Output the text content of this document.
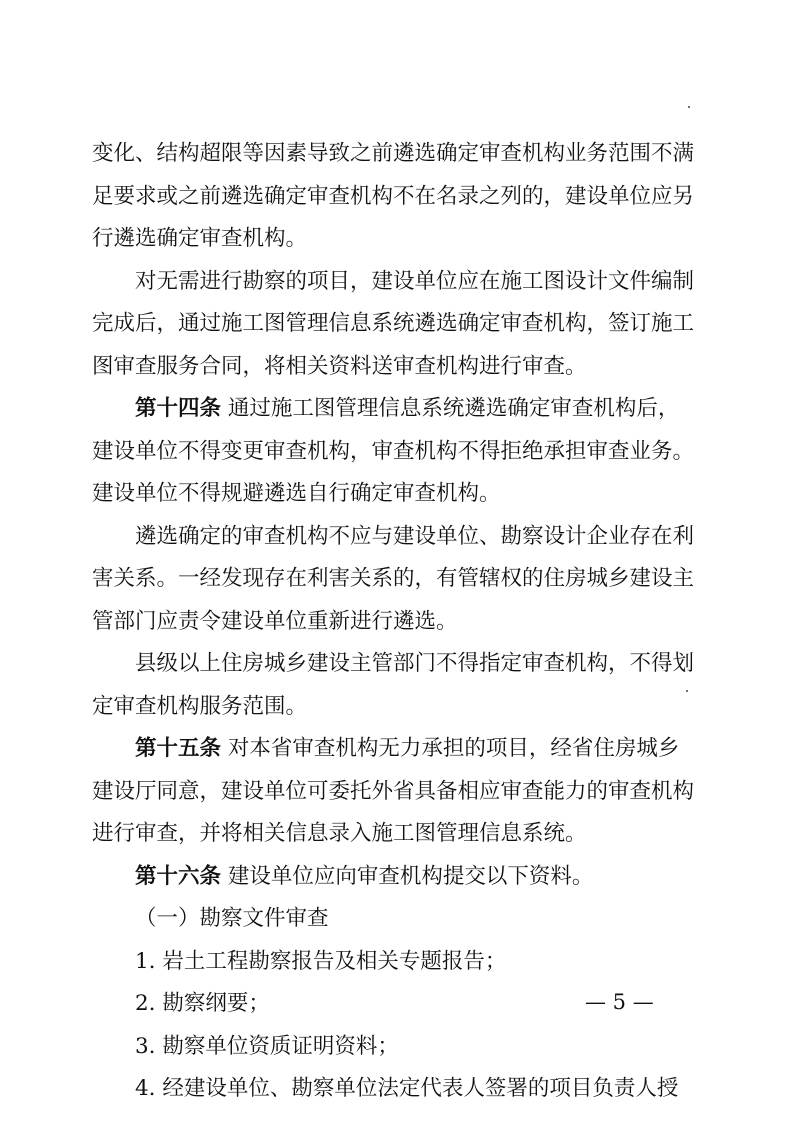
变化、结构超限等因素导致之前遴选确定审查机构业务范围不满
足要求或之前遴选确定审查机构不在名录之列的，建设单位应另
行遴选确定审查机构。
对无需进行勘察的项目，建设单位应在施工图设计文件编制
完成后，通过施工图管理信息系统遴选确定审查机构，签订施工
图审查服务合同，将相关资料送审查机构进行审查。
第十四条 通过施工图管理信息系统遴选确定审查机构后，
建设单位不得变更审查机构，审查机构不得拒绝承担审查业务。
建设单位不得规避遴选自行确定审查机构。
遴选确定的审查机构不应与建设单位、勘察设计企业存在利
害关系。一经发现存在利害关系的，有管辖权的住房城乡建设主
管部门应责令建设单位重新进行遴选。
县级以上住房城乡建设主管部门不得指定审查机构，不得划
定审查机构服务范围。
第十五条 对本省审查机构无力承担的项目，经省住房城乡
建设厅同意，建设单位可委托外省具备相应审查能力的审查机构
进行审查，并将相关信息录入施工图管理信息系统。
第十六条 建设单位应向审查机构提交以下资料。
（一）勘察文件审查
1. 岩土工程勘察报告及相关专题报告；
2. 勘察纲要；
3. 勘察单位资质证明资料；
4. 经建设单位、勘察单位法定代表人签署的项目负责人授
— 5 —
